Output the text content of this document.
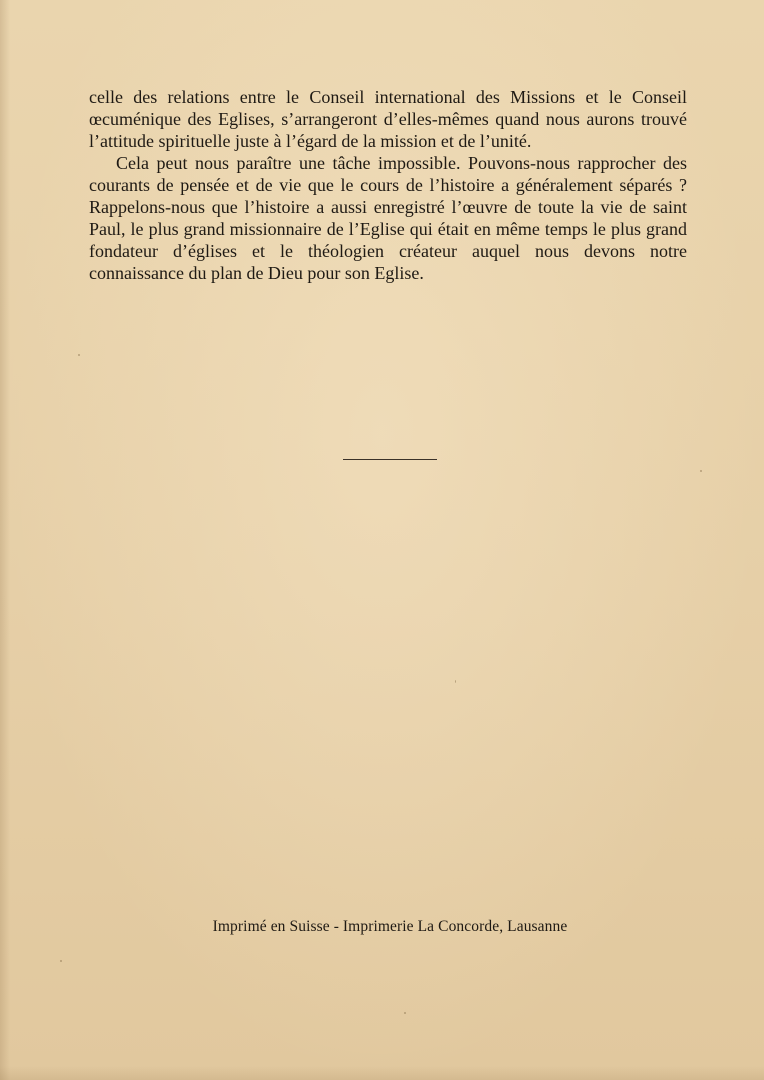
celle des relations entre le Conseil international des Missions et le Conseil œcuménique des Eglises, s’arrangeront d’elles-mêmes quand nous aurons trouvé l’attitude spirituelle juste à l’égard de la mission et de l’unité.

Cela peut nous paraître une tâche impossible. Pouvons-nous rapprocher des courants de pensée et de vie que le cours de l’histoire a généralement séparés ? Rappelons-nous que l’histoire a aussi enregistré l’œuvre de toute la vie de saint Paul, le plus grand missionnaire de l’Eglise qui était en même temps le plus grand fondateur d’églises et le théologien créateur auquel nous devons notre connaissance du plan de Dieu pour son Eglise.

Imprimé en Suisse - Imprimerie La Concorde, Lausanne
